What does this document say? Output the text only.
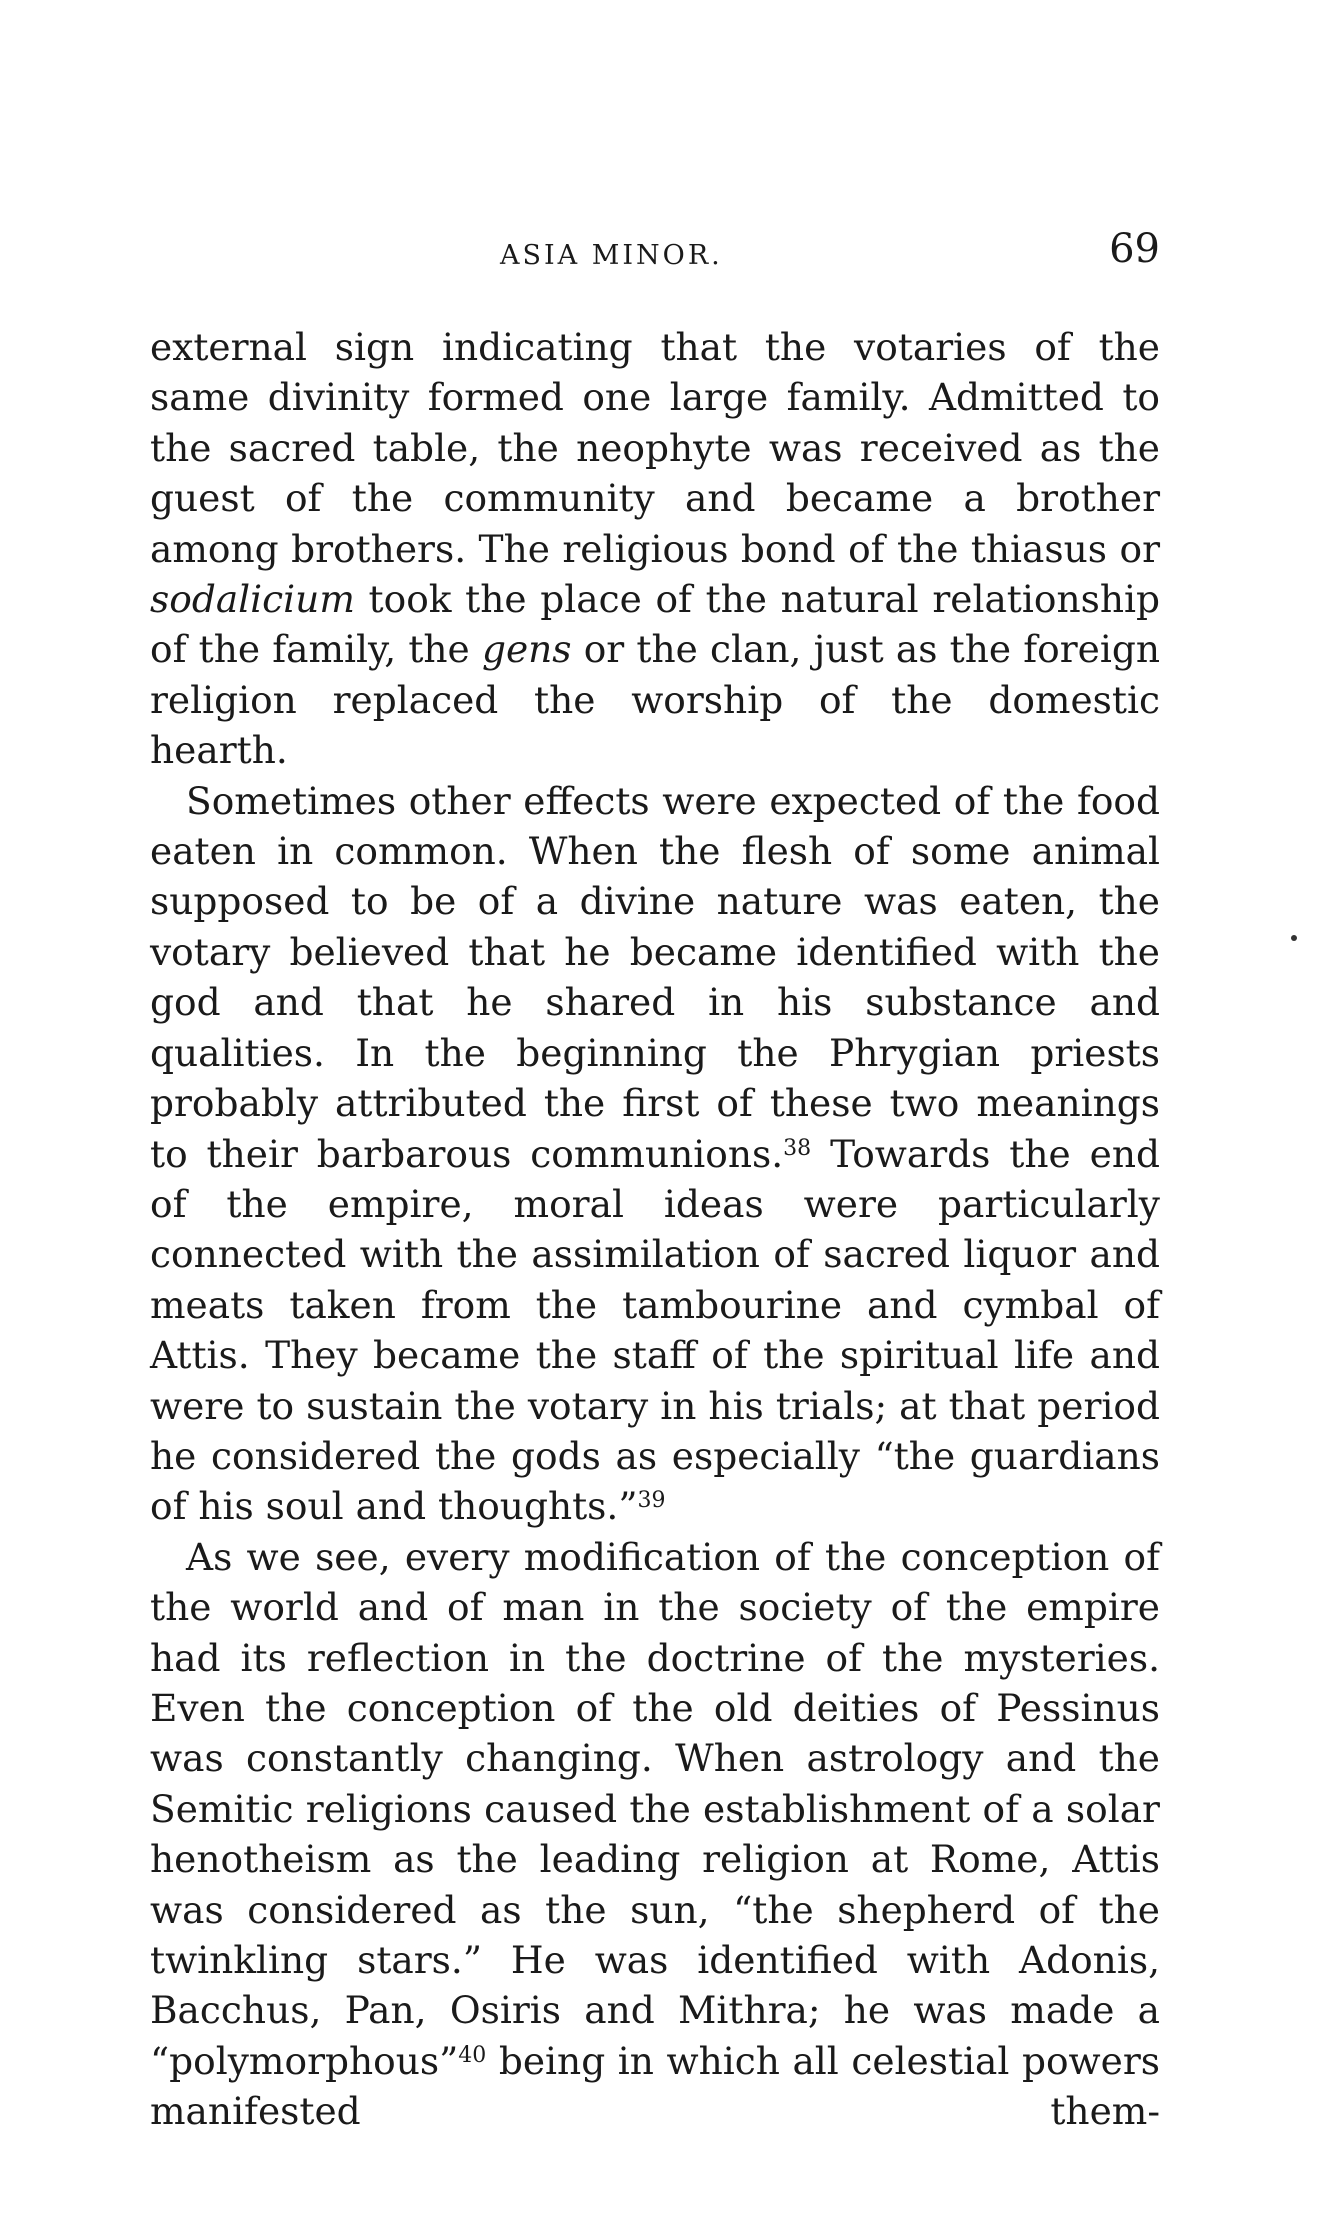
ASIA MINOR.	69

external sign indicating that the votaries of the same divinity formed one large family. Admitted to the sacred table, the neophyte was received as the guest of the community and became a brother among brothers. The religious bond of the thiasus or sodalicium took the place of the natural relationship of the family, the gens or the clan, just as the foreign religion replaced the worship of the domestic hearth.

Sometimes other effects were expected of the food eaten in common. When the flesh of some animal supposed to be of a divine nature was eaten, the votary believed that he became identified with the god and that he shared in his substance and qualities. In the beginning the Phrygian priests probably attributed the first of these two meanings to their barbarous communions.$^{38}$ Towards the end of the empire, moral ideas were particularly connected with the assimilation of sacred liquor and meats taken from the tambourine and cymbal of Attis. They became the staff of the spiritual life and were to sustain the votary in his trials; at that period he considered the gods as especially “the guardians of his soul and thoughts.”$^{39}$

As we see, every modification of the conception of the world and of man in the society of the empire had its reflection in the doctrine of the mysteries. Even the conception of the old deities of Pessinus was constantly changing. When astrology and the Semitic religions caused the establishment of a solar henotheism as the leading religion at Rome, Attis was considered as the sun, “the shepherd of the twinkling stars.” He was identified with Adonis, Bacchus, Pan, Osiris and Mithra; he was made a “polymorphous”$^{40}$ being in which all celestial powers manifested them-
